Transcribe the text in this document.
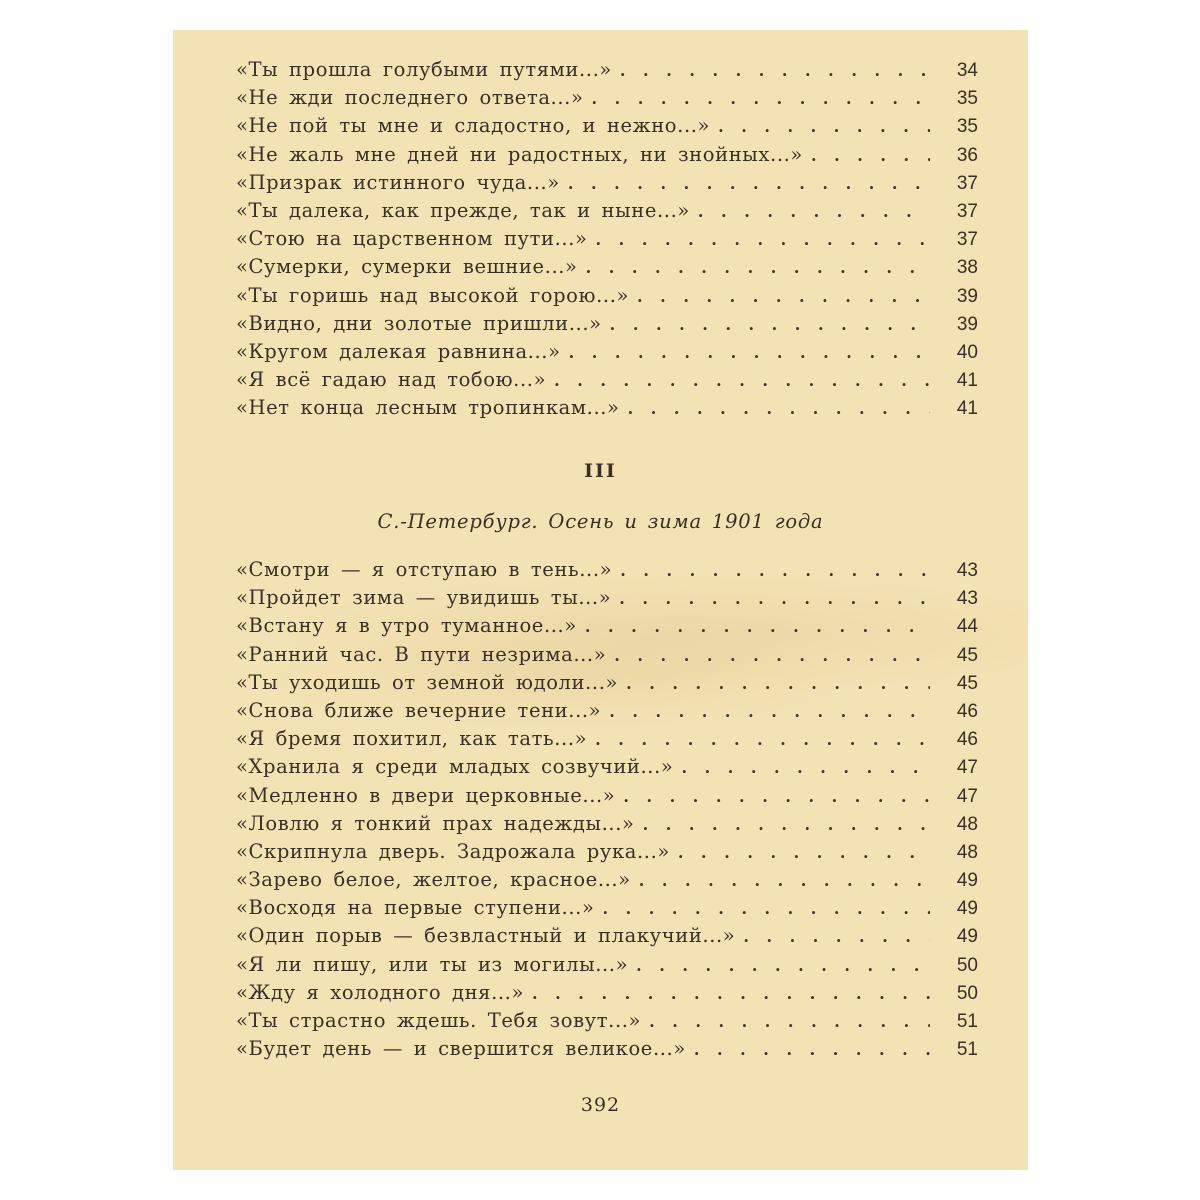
«Ты прошла голубыми путями...» . . .	34
«Не жди последнего ответа...» . . .	35
«Не пой ты мне и сладостно, и нежно...» . . .	35
«Не жаль мне дней ни радостных, ни знойных...» . . .	36
«Призрак истинного чуда...» . . .	37
«Ты далека, как прежде, так и ныне...» . . .	37
«Стою на царственном пути...» . . .	37
«Сумерки, сумерки вешние...» . . .	38
«Ты горишь над высокой горою...» . . .	39
«Видно, дни золотые пришли...» . . .	39
«Кругом далекая равнина...» . . .	40
«Я всё гадаю над тобою...» . . .	41
«Нет конца лесным тропинкам...» . . .	41
III
С.-Петербург. Осень и зима 1901 года
«Смотри — я отступаю в тень...» . . .	43
«Пройдет зима — увидишь ты...» . . .	43
«Встану я в утро туманное...» . . .	44
«Ранний час. В пути незрима...» . . .	45
«Ты уходишь от земной юдоли...» . . .	45
«Снова ближе вечерние тени...» . . .	46
«Я бремя похитил, как тать...» . . .	46
«Хранила я среди младых созвучий...» . . .	47
«Медленно в двери церковные...» . . .	47
«Ловлю я тонкий прах надежды...» . . .	48
«Скрипнула дверь. Задрожала рука...» . . .	48
«Зарево белое, желтое, красное...» . . .	49
«Восходя на первые ступени...» . . .	49
«Один порыв — безвластный и плакучий...» . . .	49
«Я ли пишу, или ты из могилы...» . . .	50
«Жду я холодного дня...» . . .	50
«Ты страстно ждешь. Тебя зовут...» . . .	51
«Будет день — и свершится великое...» . . .	51
392
